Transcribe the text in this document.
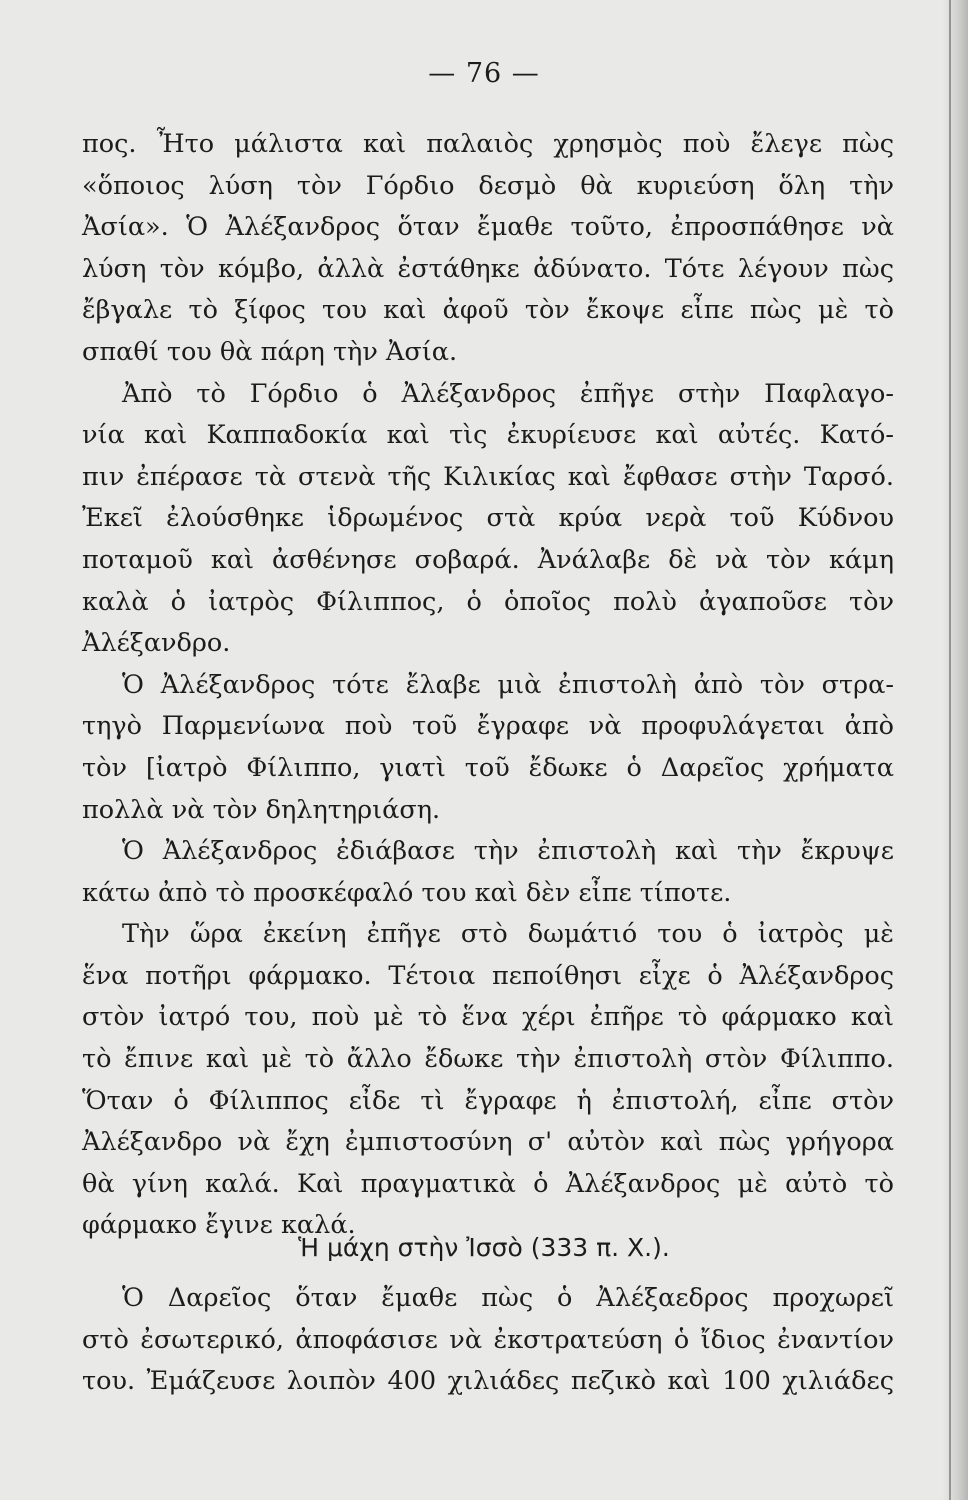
— 76 —
πος. Ἦτο μάλιστα καὶ παλαιὸς χρησμὸς ποὺ ἔλεγε πὼς
«ὅποιος λύση τὸν Γόρδιο δεσμὸ θὰ κυριεύση ὅλη τὴν
Ἀσία». Ὁ Ἀλέξανδρος ὅταν ἔμαθε τοῦτο, ἐπροσπάθησε νὰ
λύση τὸν κόμβο, ἀλλὰ ἐστάθηκε ἀδύνατο. Τότε λέγουν πὼς
ἔβγαλε τὸ ξίφος του καὶ ἀφοῦ τὸν ἔκοψε εἶπε πὼς μὲ τὸ
σπαθί του θὰ πάρη τὴν Ἀσία.
Ἀπὸ τὸ Γόρδιο ὁ Ἀλέξανδρος ἐπῆγε στὴν Παφλαγο-
νία καὶ Καππαδοκία καὶ τὶς ἐκυρίευσε καὶ αὐτές. Κατό-
πιν ἐπέρασε τὰ στενὰ τῆς Κιλικίας καὶ ἔφθασε στὴν Ταρσό.
Ἐκεῖ ἐλούσθηκε ἱδρωμένος στὰ κρύα νερὰ τοῦ Κύδνου
ποταμοῦ καὶ ἀσθένησε σοβαρά. Ἀνάλαβε δὲ νὰ τὸν κάμη
καλὰ ὁ ἰατρὸς Φίλιππος, ὁ ὁποῖος πολὺ ἀγαποῦσε τὸν
Ἀλέξανδρο.
Ὁ Ἀλέξανδρος τότε ἔλαβε μιὰ ἐπιστολὴ ἀπὸ τὸν στρα-
τηγὸ Παρμενίωνα ποὺ τοῦ ἔγραφε νὰ προφυλάγεται ἀπὸ
τὸν [ἰατρὸ Φίλιππο, γιατὶ τοῦ ἔδωκε ὁ Δαρεῖος χρήματα
πολλὰ νὰ τὸν δηλητηριάση.
Ὁ Ἀλέξανδρος ἐδιάβασε τὴν ἐπιστολὴ καὶ τὴν ἔκρυψε
κάτω ἀπὸ τὸ προσκέφαλό του καὶ δὲν εἶπε τίποτε.
Τὴν ὥρα ἐκείνη ἐπῆγε στὸ δωμάτιό του ὁ ἰατρὸς μὲ
ἕνα ποτῆρι φάρμακο. Τέτοια πεποίθησι εἶχε ὁ Ἀλέξανδρος
στὸν ἰατρό του, ποὺ μὲ τὸ ἕνα χέρι ἐπῆρε τὸ φάρμακο καὶ
τὸ ἔπινε καὶ μὲ τὸ ἄλλο ἔδωκε τὴν ἐπιστολὴ στὸν Φίλιππο.
Ὅταν ὁ Φίλιππος εἶδε τὶ ἔγραφε ἡ ἐπιστολή, εἶπε στὸν
Ἀλέξανδρο νὰ ἔχη ἐμπιστοσύνη σ' αὐτὸν καὶ πὼς γρήγορα
θὰ γίνη καλά. Καὶ πραγματικὰ ὁ Ἀλέξανδρος μὲ αὐτὸ τὸ
φάρμακο ἔγινε καλά.
Ἡ μάχη στὴν Ἰσσὸ (333 π. Χ.).
Ὁ Δαρεῖος ὅταν ἔμαθε πὼς ὁ Ἀλέξαεδρος προχωρεῖ
στὸ ἐσωτερικό, ἀποφάσισε νὰ ἐκστρατεύση ὁ ἴδιος ἐναντίον
του. Ἐμάζευσε λοιπὸν 400 χιλιάδες πεζικὸ καὶ 100 χιλιάδες
